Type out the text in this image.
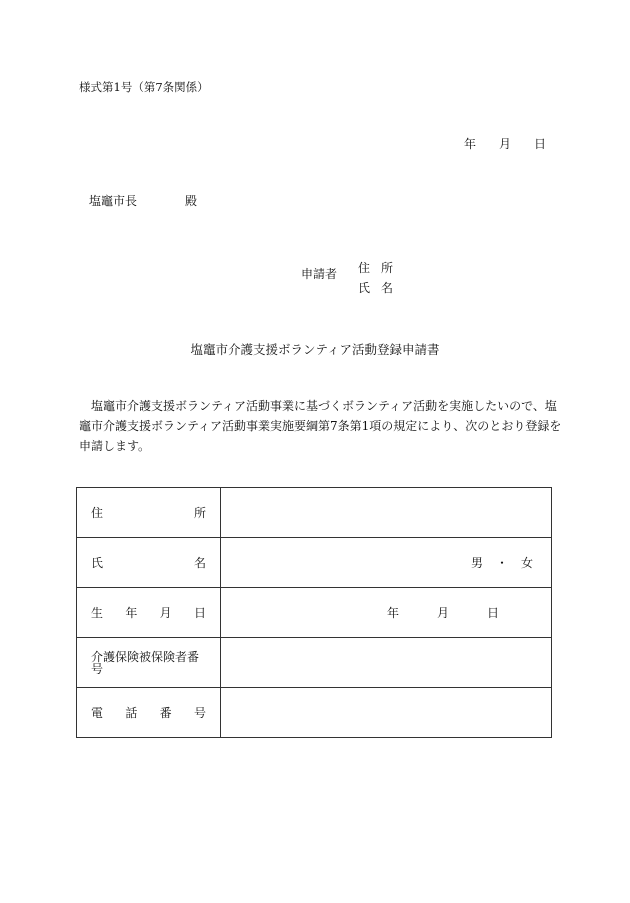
様式第1号（第7条関係）
年 月 日
塩竈市長	殿
申請者 住 所
氏 名
塩竈市介護支援ボランティア活動登録申請書
塩竈市介護支援ボランティア活動事業に基づくボランティア活動を実施したいので、塩
竈市介護支援ボランティア活動事業実施要綱第7条第1項の規定により、次のとおり登録を
申請します。
住 所	

氏 名	男 ・ 女

生 年 月 日	年 月 日

介護保険被保険者番号	

電 話 番 号	
